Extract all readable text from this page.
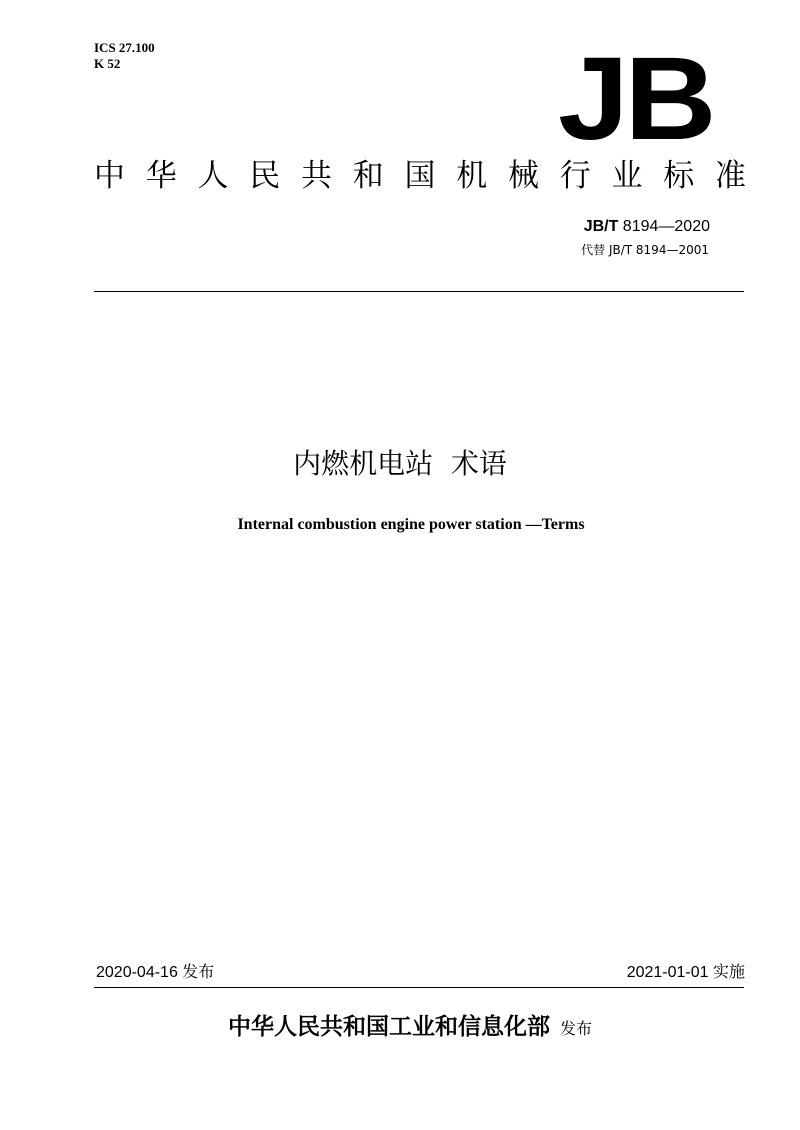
ICS 27.100
K 52	JB
中 华 人 民 共 和 国 机 械 行 业 标 准
JB/T 8194—2020
代替 JB/T 8194—2001
内燃机电站  术语
Internal combustion engine power station —Terms
2020-04-16 发布	2021-01-01 实施
中华人民共和国工业和信息化部 发布
